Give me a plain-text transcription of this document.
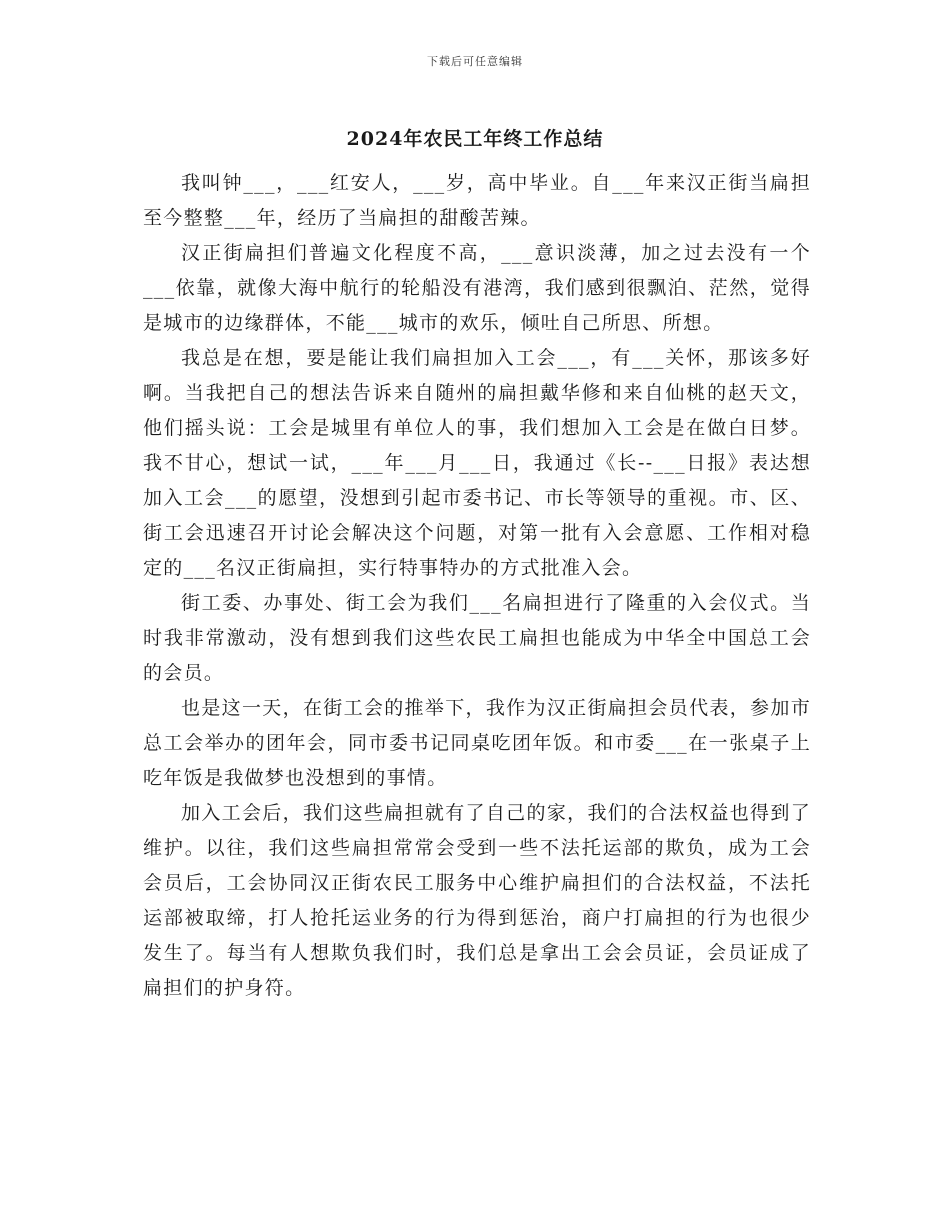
下载后可任意编辑
2024年农民工年终工作总结

我叫钟___，___红安人，___岁，高中毕业。自___年来汉正街当扁担至今整整___年，经历了当扁担的甜酸苦辣。

汉正街扁担们普遍文化程度不高，___意识淡薄，加之过去没有一个___依靠，就像大海中航行的轮船没有港湾，我们感到很飘泊、茫然，觉得是城市的边缘群体，不能___城市的欢乐，倾吐自己所思、所想。

我总是在想，要是能让我们扁担加入工会___，有___关怀，那该多好啊。当我把自己的想法告诉来自随州的扁担戴华修和来自仙桃的赵天文，他们摇头说：工会是城里有单位人的事，我们想加入工会是在做白日梦。我不甘心，想试一试，___年___月___日，我通过《长--___日报》表达想加入工会___的愿望，没想到引起市委书记、市长等领导的重视。市、区、街工会迅速召开讨论会解决这个问题，对第一批有入会意愿、工作相对稳定的___名汉正街扁担，实行特事特办的方式批准入会。

街工委、办事处、街工会为我们___名扁担进行了隆重的入会仪式。当时我非常激动，没有想到我们这些农民工扁担也能成为中华全中国总工会的会员。

也是这一天，在街工会的推举下，我作为汉正街扁担会员代表，参加市总工会举办的团年会，同市委书记同桌吃团年饭。和市委___在一张桌子上吃年饭是我做梦也没想到的事情。

加入工会后，我们这些扁担就有了自己的家，我们的合法权益也得到了维护。以往，我们这些扁担常常会受到一些不法托运部的欺负，成为工会会员后，工会协同汉正街农民工服务中心维护扁担们的合法权益，不法托运部被取缔，打人抢托运业务的行为得到惩治，商户打扁担的行为也很少发生了。每当有人想欺负我们时，我们总是拿出工会会员证，会员证成了扁担们的护身符。
